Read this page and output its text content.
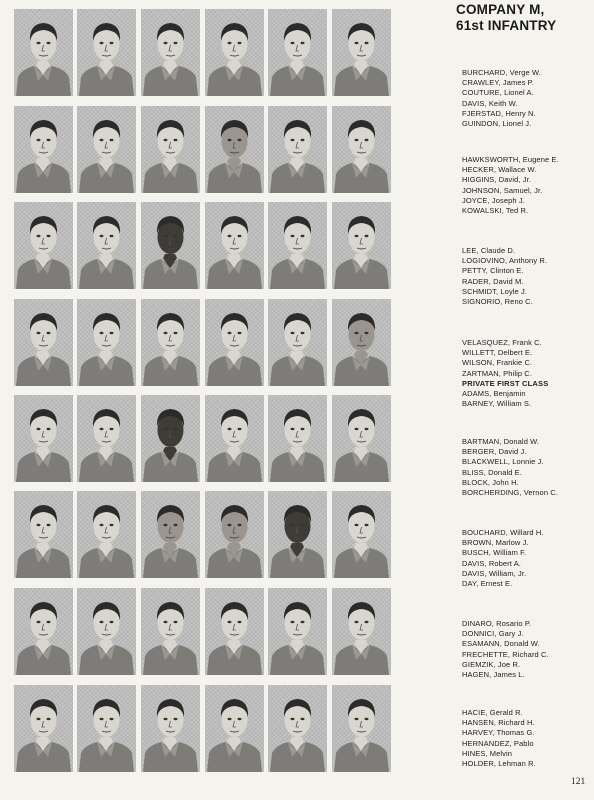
COMPANY M,
61st INFANTRY
BURCHARD, Verge W.
CRAWLEY, James P.
COUTURE, Lionel A.
DAVIS, Keith W.
FJERSTAD, Henry N.
GUINDON, Lionel J.
HAWKSWORTH, Eugene E.
HECKER, Wallace W.
HIGGINS, David, Jr.
JOHNSON, Samuel, Jr.
JOYCE, Joseph J.
KOWALSKI, Ted R.
LEE, Claude D.
LOGIOVINO, Anthony R.
PETTY, Clinton E.
RADER, David M.
SCHMIDT, Loyle J.
SIGNORIO, Reno C.
VELASQUEZ, Frank C.
WILLETT, Delbert E.
WILSON, Frankie C.
ZARTMAN, Philip C.
PRIVATE FIRST CLASS
ADAMS, Benjamin
BARNEY, William S.
BARTMAN, Donald W.
BERGER, David J.
BLACKWELL, Lonnie J.
BLISS, Donald E.
BLOCK, John H.
BORCHERDING, Vernon C.
BOUCHARD, Willard H.
BROWN, Marlow J.
BUSCH, William F.
DAVIS, Robert A.
DAVIS, William, Jr.
DAY, Ernest E.
DINARO, Rosario P.
DONNICI, Gary J.
ESAMANN, Donald W.
FRECHETTE, Richard C.
GIEMZIK, Joe R.
HAGEN, James L.
HACIE, Gerald R.
HANSEN, Richard H.
HARVEY, Thomas G.
HERNANDEZ, Pablo
HINES, Melvin
HOLDER, Lehman R.
121
